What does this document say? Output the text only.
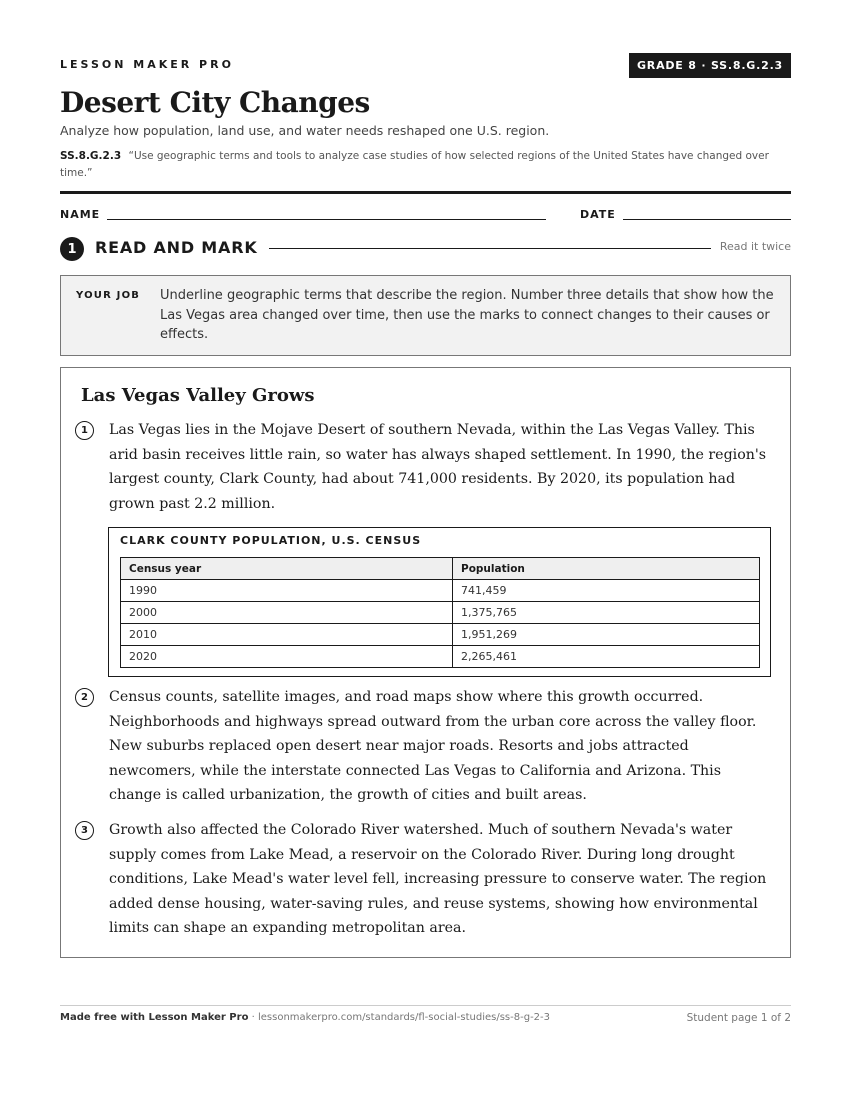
LESSON MAKER PRO	GRADE 8 · SS.8.G.2.3
Desert City Changes
Analyze how population, land use, and water needs reshaped one U.S. region.
SS.8.G.2.3 “Use geographic terms and tools to analyze case studies of how selected regions of the United States have changed over time.”
NAME	DATE
1	READ AND MARK	Read it twice
YOUR JOB Underline geographic terms that describe the region. Number three details that show how the Las Vegas area changed over time, then use the marks to connect changes to their causes or effects.
Las Vegas Valley Grows
1	Las Vegas lies in the Mojave Desert of southern Nevada, within the Las Vegas Valley. This arid basin receives little rain, so water has always shaped settlement. In 1990, the region's largest county, Clark County, had about 741,000 residents. By 2020, its population had grown past 2.2 million.
CLARK COUNTY POPULATION, U.S. CENSUS
Census year	Population
1990	741,459
2000	1,375,765
2010	1,951,269
2020	2,265,461
2	Census counts, satellite images, and road maps show where this growth occurred. Neighborhoods and highways spread outward from the urban core across the valley floor. New suburbs replaced open desert near major roads. Resorts and jobs attracted newcomers, while the interstate connected Las Vegas to California and Arizona. This change is called urbanization, the growth of cities and built areas.
3	Growth also affected the Colorado River watershed. Much of southern Nevada's water supply comes from Lake Mead, a reservoir on the Colorado River. During long drought conditions, Lake Mead's water level fell, increasing pressure to conserve water. The region added dense housing, water-saving rules, and reuse systems, showing how environmental limits can shape an expanding metropolitan area.
Made free with Lesson Maker Pro · lessonmakerpro.com/standards/fl-social-studies/ss-8-g-2-3	Student page 1 of 2
